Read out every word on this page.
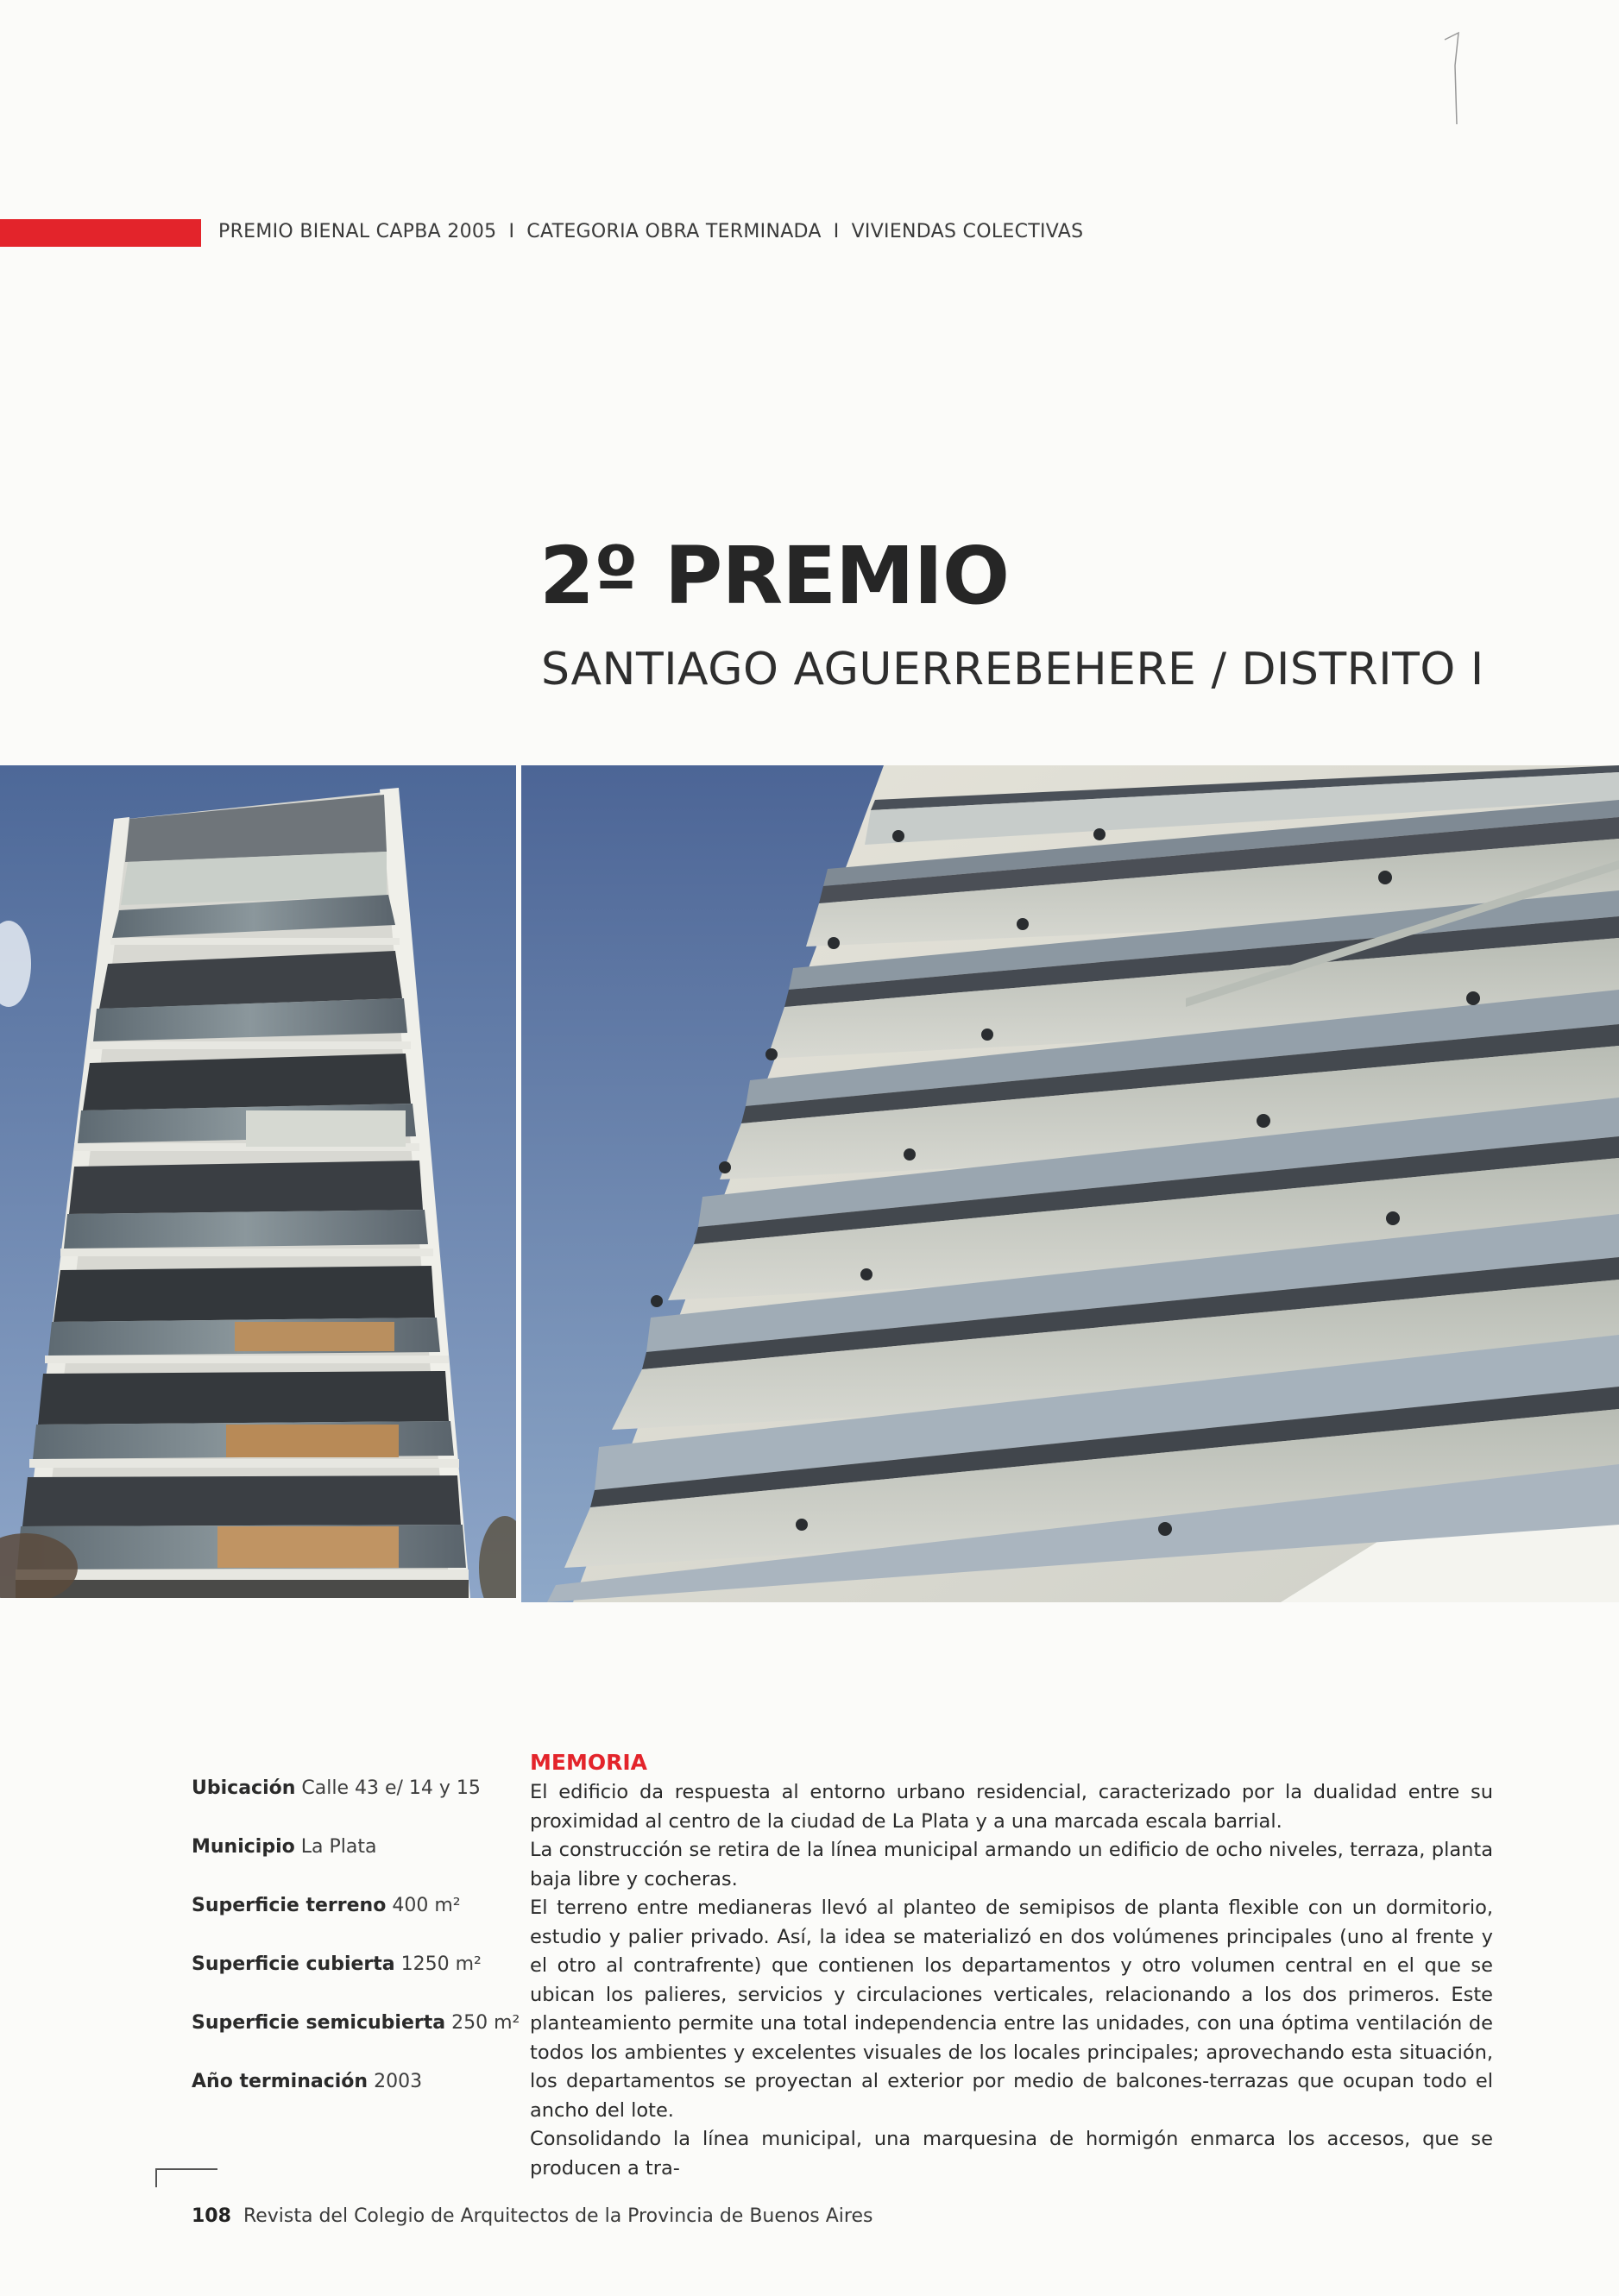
PREMIO BIENAL CAPBA 2005 I CATEGORIA OBRA TERMINADA I VIVIENDAS COLECTIVAS
2º PREMIO
SANTIAGO AGUERREBEHERE / DISTRITO I
Ubicación Calle 43 e/ 14 y 15
Municipio La Plata
Superficie terreno 400 m²
Superficie cubierta 1250 m²
Superficie semicubierta 250 m²
Año terminación 2003
MEMORIA

El edificio da respuesta al entorno urbano residencial, caracterizado por la dualidad entre su proximidad al centro de la ciudad de La Plata y a una marcada escala barrial.

La construcción se retira de la línea municipal armando un edificio de ocho niveles, terraza, planta baja libre y cocheras.

El terreno entre medianeras llevó al planteo de semipisos de planta flexible con un dormitorio, estudio y palier privado. Así, la idea se materializó en dos volúmenes principales (uno al frente y el otro al contrafrente) que contienen los departamentos y otro volumen central en el que se ubican los palieres, servicios y circulaciones verticales, relacionando a los dos primeros. Este planteamiento permite una total independencia entre las unidades, con una óptima ventilación de todos los ambientes y excelentes visuales de los locales principales; aprovechando esta situación, los departamentos se proyectan al exterior por medio de balcones-terrazas que ocupan todo el ancho del lote.

Consolidando la línea municipal, una marquesina de hormigón enmarca los accesos, que se producen a tra-

108 Revista del Colegio de Arquitectos de la Provincia de Buenos Aires
